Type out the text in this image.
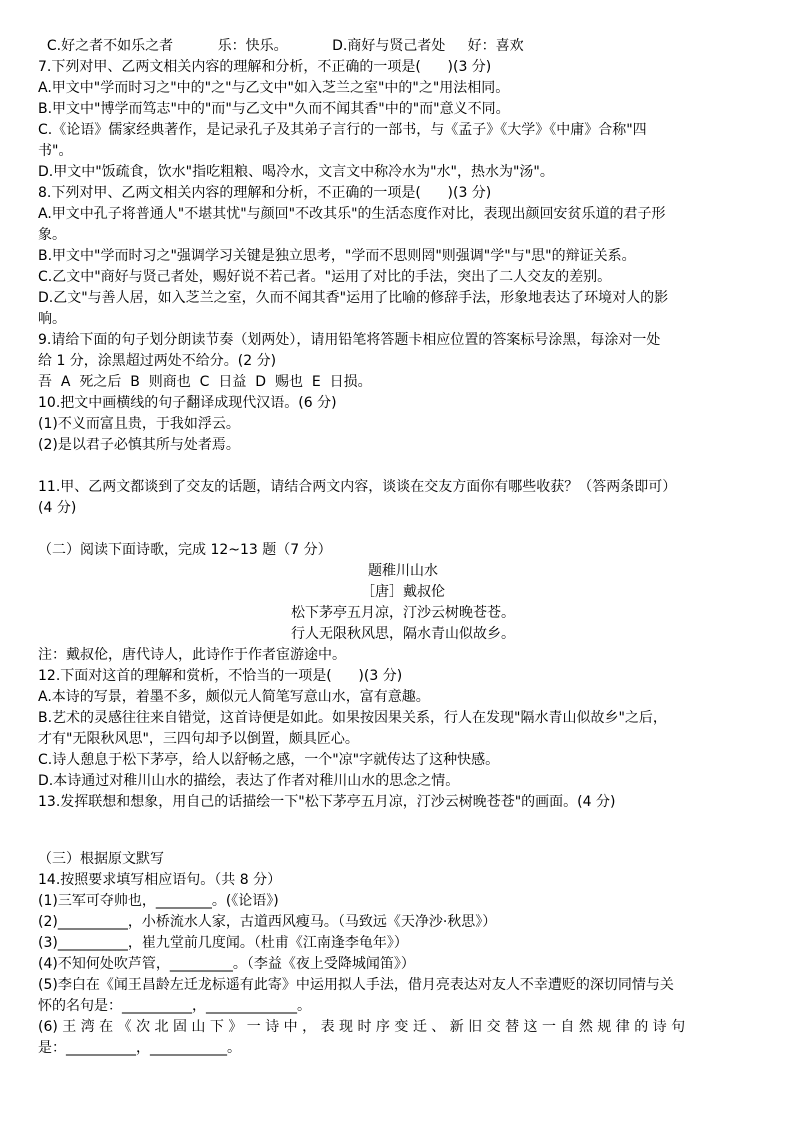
C.好之者不如乐之者          乐：快乐。          D.商好与贤己者处     好：喜欢
7.下列对甲、乙两文相关内容的理解和分析，不正确的一项是(      )(3 分)
A.甲文中"学而时习之"中的"之"与乙文中"如入芝兰之室"中的"之"用法相同。
B.甲文中"博学而笃志"中的"而"与乙文中"久而不闻其香"中的"而"意义不同。
C.《论语》儒家经典著作，是记录孔子及其弟子言行的一部书，与《孟子》《大学》《中庸》合称"四
书"。
D.甲文中"饭疏食，饮水"指吃粗粮、喝冷水，文言文中称冷水为"水"，热水为"汤"。
8.下列对甲、乙两文相关内容的理解和分析，不正确的一项是(      )(3 分)
A.甲文中孔子将普通人"不堪其忧"与颜回"不改其乐"的生活态度作对比，表现出颜回安贫乐道的君子形
象。
B.甲文中"学而时习之"强调学习关键是独立思考，"学而不思则罔"则强调"学"与"思"的辩证关系。
C.乙文中"商好与贤己者处，赐好说不若己者。"运用了对比的手法，突出了二人交友的差别。
D.乙文"与善人居，如入芝兰之室，久而不闻其香"运用了比喻的修辞手法，形象地表达了环境对人的影
响。
9.请给下面的句子划分朗读节奏（划两处），请用铅笔将答题卡相应位置的答案标号涂黑，每涂对一处
给 1 分，涂黑超过两处不给分。(2 分)
吾  A  死之后  B  则商也  C  日益  D  赐也  E  日损。
10.把文中画横线的句子翻译成现代汉语。(6 分)
(1)不义而富且贵，于我如浮云。
(2)是以君子必慎其所与处者焉。
11.甲、乙两文都谈到了交友的话题，请结合两文内容，谈谈在交友方面你有哪些收获？（答两条即可）
(4 分)
（二）阅读下面诗歌，完成 12~13 题（7 分）
题稚川山水
［唐］戴叔伦
松下茅亭五月凉，汀沙云树晚苍苍。
行人无限秋风思，隔水青山似故乡。
注：戴叔伦，唐代诗人，此诗作于作者宦游途中。
12.下面对这首的理解和赏析，不恰当的一项是(      )(3 分)
A.本诗的写景，着墨不多，颇似元人简笔写意山水，富有意趣。
B.艺术的灵感往往来自错觉，这首诗便是如此。如果按因果关系，行人在发现"隔水青山似故乡"之后，
才有"无限秋风思"，三四句却予以倒置，颇具匠心。
C.诗人憩息于松下茅亭，给人以舒畅之感，一个"凉"字就传达了这种快感。
D.本诗通过对稚川山水的描绘，表达了作者对稚川山水的思念之情。
13.发挥联想和想象，用自己的话描绘一下"松下茅亭五月凉，汀沙云树晚苍苍"的画面。(4 分)
（三）根据原文默写
14.按照要求填写相应语句。（共 8 分）
(1)三军可夺帅也，________。(《论语》)
(2)__________，小桥流水人家，古道西风瘦马。（马致远《天净沙·秋思》）
(3)__________，崔九堂前几度闻。（杜甫《江南逢李龟年》）
(4)不知何处吹芦管，_________。（李益《夜上受降城闻笛》）
(5)李白在《闻王昌龄左迁龙标遥有此寄》中运用拟人手法，借月亮表达对友人不幸遭贬的深切同情与关
怀的名句是：__________，_____________。
(6) 王 湾 在 《 次 北 固 山 下 》 一 诗 中 ， 表 现 时 序 变 迁 、 新 旧 交 替 这 一 自 然 规 律 的 诗 句
是：__________，___________。
